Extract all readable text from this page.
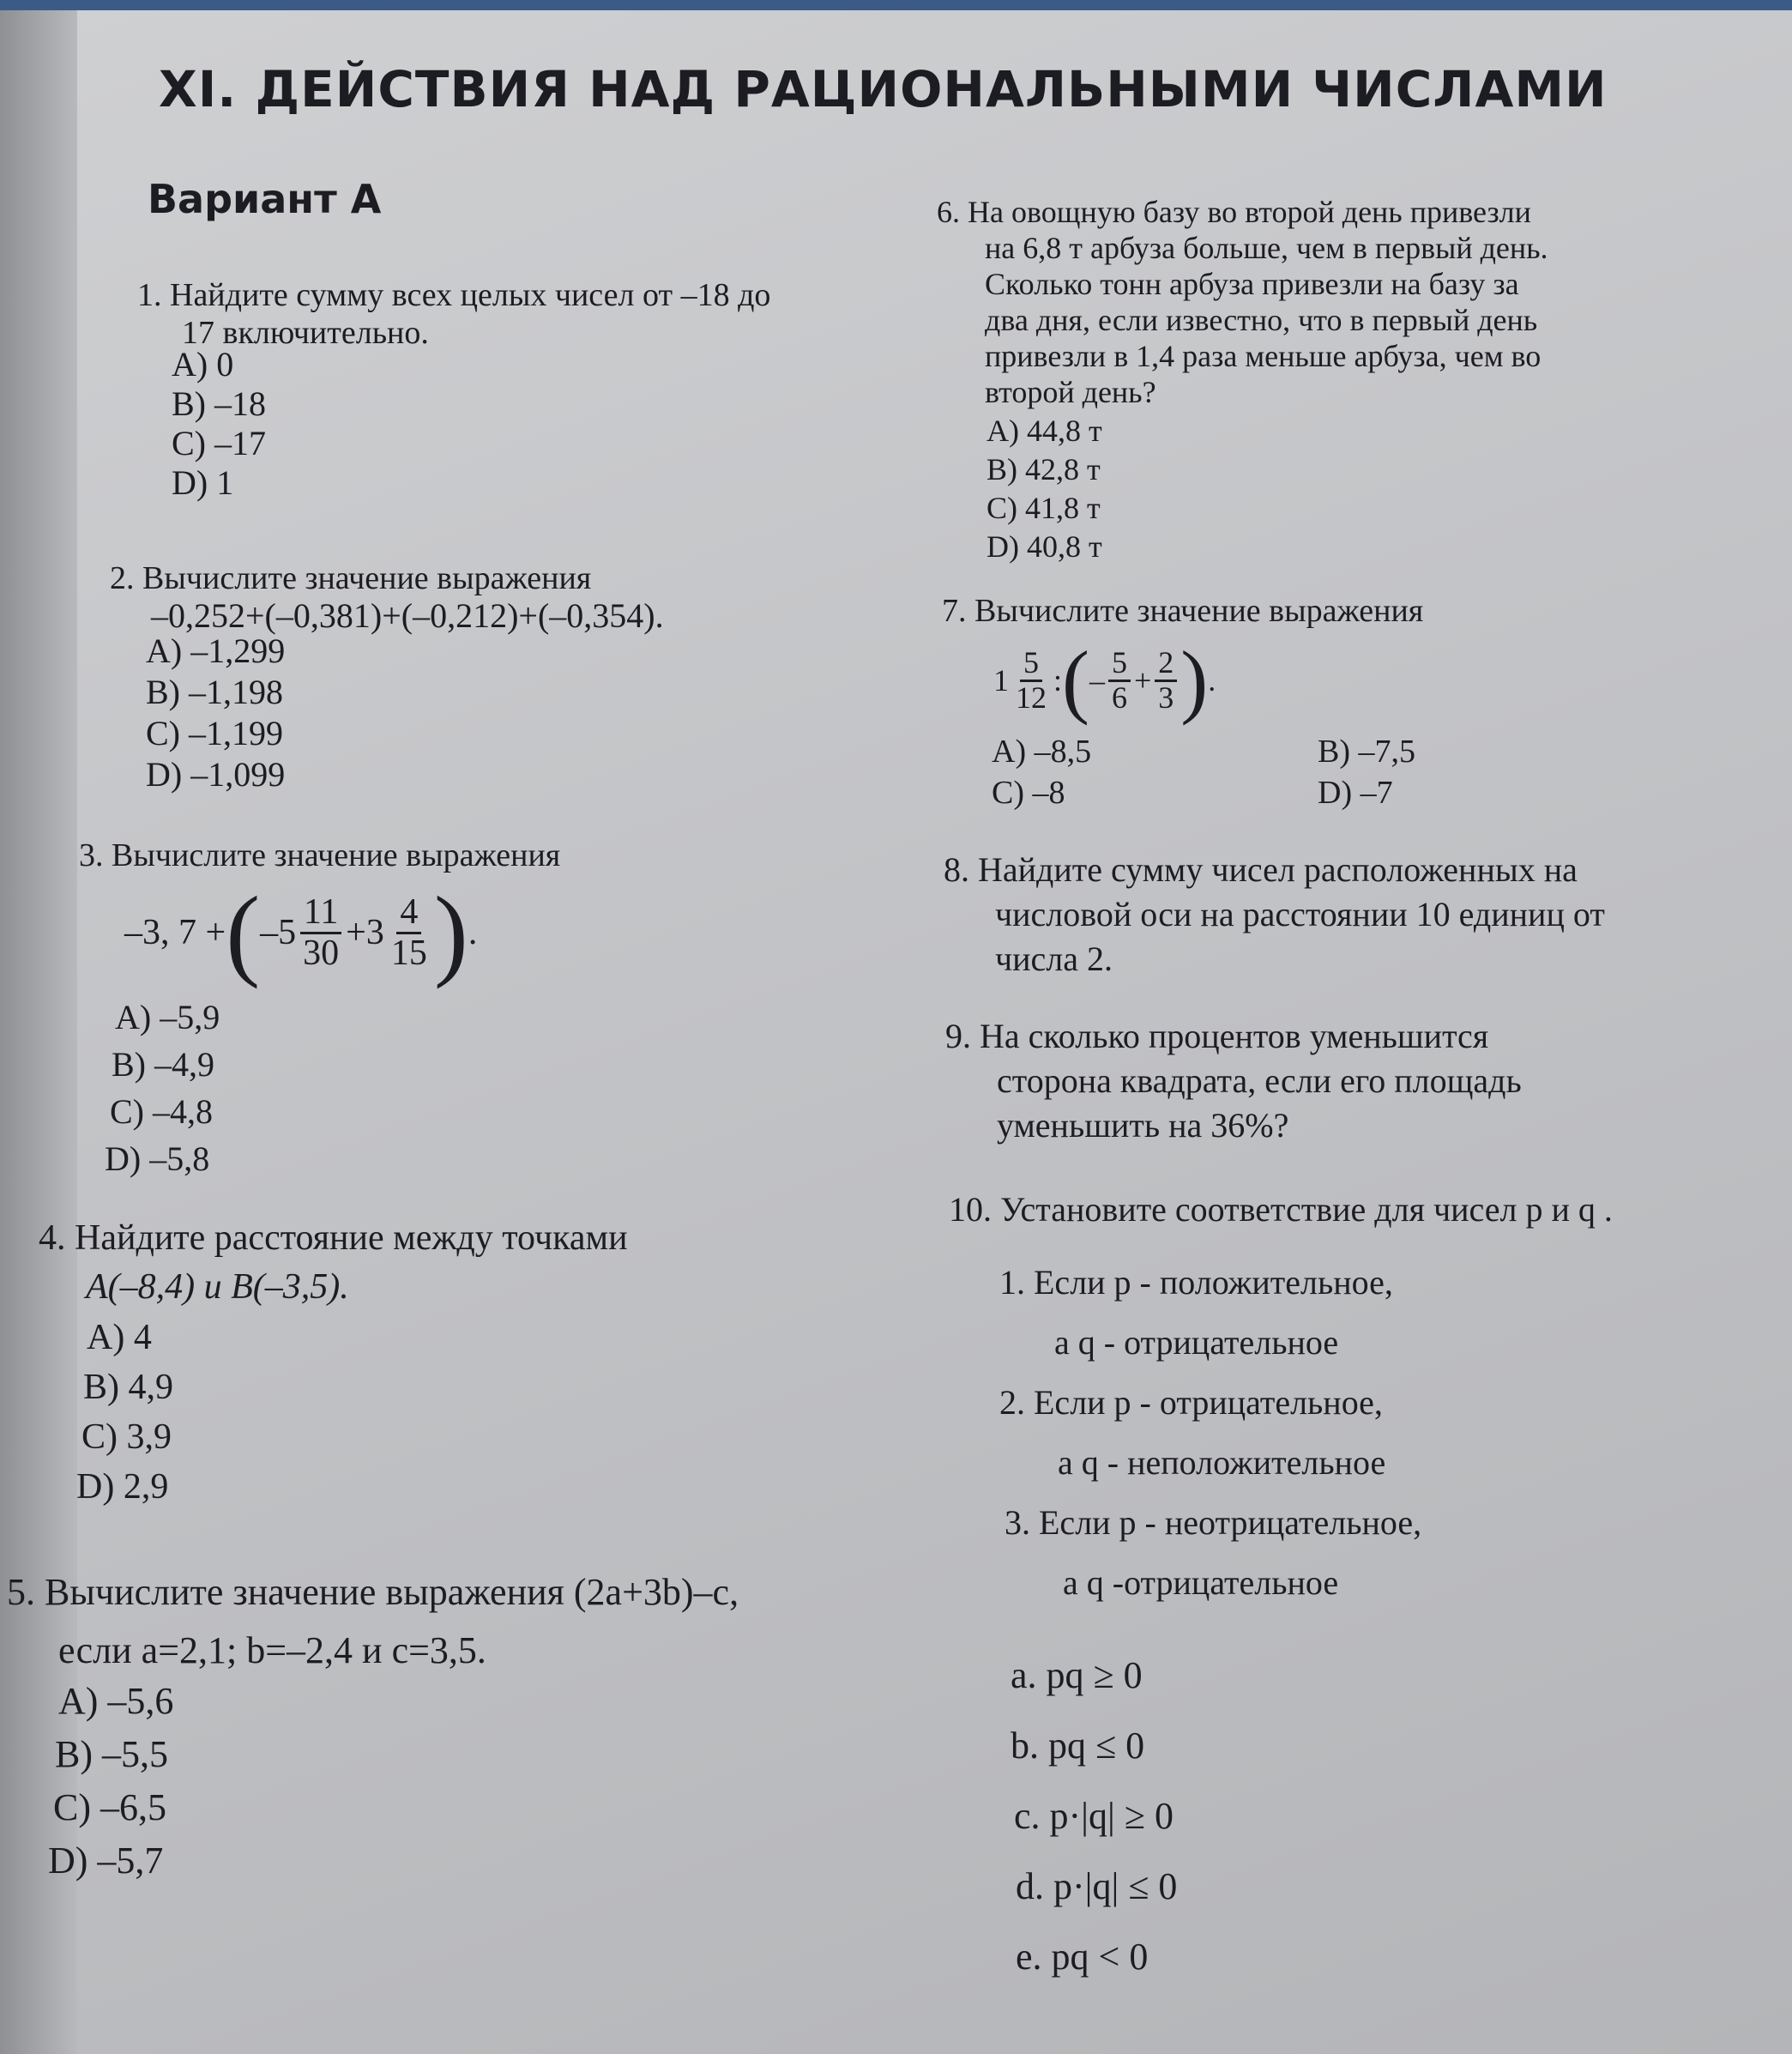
XI. ДЕЙСТВИЯ НАД РАЦИОНАЛЬНЫМИ ЧИСЛАМИ
Вариант А
1. Найдите сумму всех целых чисел от –18 до
17 включительно.
A) 0
B) –18
C) –17
D) 1
2. Вычислите значение выражения
–0,252+(–0,381)+(–0,212)+(–0,354).
A) –1,299
B) –1,198
C) –1,199
D) –1,099
3. Вычислите значение выражения
–3, 7 + ( $-5 \frac{11}{30} + 3 \frac{4}{15}$ ) .
A) –5,9
B) –4,9
C) –4,8
D) –5,8
4. Найдите расстояние между точками
A(–8,4) и B(–3,5).
A) 4
B) 4,9
C) 3,9
D) 2,9
5. Вычислите значение выражения (2a+3b)–c,
если a=2,1; b=–2,4 и c=3,5.
A) –5,6
B) –5,5
C) –6,5
D) –5,7
6. На овощную базу во второй день привезли
на 6,8 т арбуза больше, чем в первый день.
Сколько тонн арбуза привезли на базу за
два дня, если известно, что в первый день
привезли в 1,4 раза меньше арбуза, чем во
второй день?
A) 44,8 т
B) 42,8 т
C) 41,8 т
D) 40,8 т
7. Вычислите значение выражения
$1 \frac{5}{12}$ : ( – $\frac{5}{6} + \frac{2}{3}$ ) .
A) –8,5	B) –7,5
C) –8	D) –7
8. Найдите сумму чисел расположенных на
числовой оси на расстоянии 10 единиц от
числа 2.
9. На сколько процентов уменьшится
сторона квадрата, если его площадь
уменьшить на 36%?
10. Установите соответствие для чисел p и q .
1. Если p - положительное,
а q - отрицательное
2. Если p - отрицательное,
а q - неположительное
3. Если p - неотрицательное,
а q -отрицательное
a. pq ≥ 0
b. pq ≤ 0
c. p·|q| ≥ 0
d. p·|q| ≤ 0
e. pq < 0
